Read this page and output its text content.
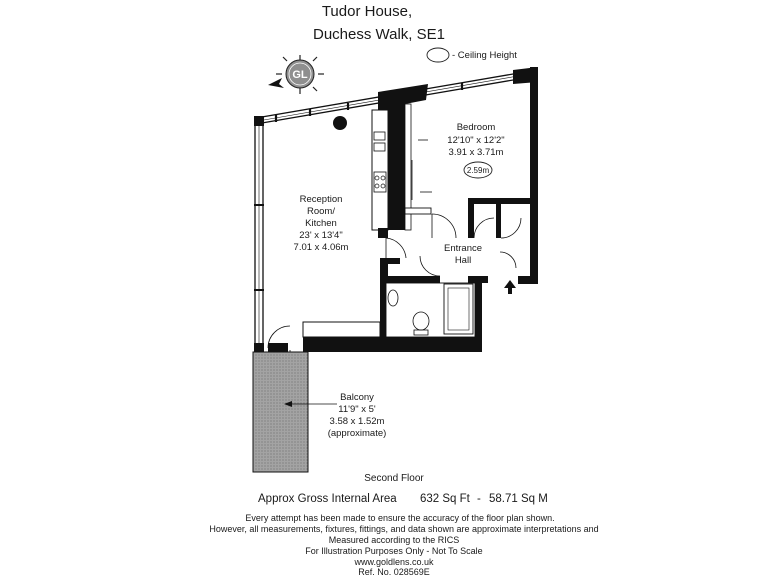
Tudor House,
Duchess Walk, SE1
- Ceiling Height
GL
Bedroom
12'10" x 12'2"
3.91 x 3.71m
2.59m
Reception
Room/
Kitchen
23' x 13'4"
7.01 x 4.06m	Entrance
Hall
Balcony
11'9" x 5'
3.58 x 1.52m
(approximate)
Second Floor
Approx Gross Internal Area 632 Sq Ft - 58.71 Sq M
Every attempt has been made to ensure the accuracy of the floor plan shown.
However, all measurements, fixtures, fittings, and data shown are approximate interpretations and
Measured according to the RICS
For Illustration Purposes Only - Not To Scale
www.goldlens.co.uk
Ref. No. 028569E
